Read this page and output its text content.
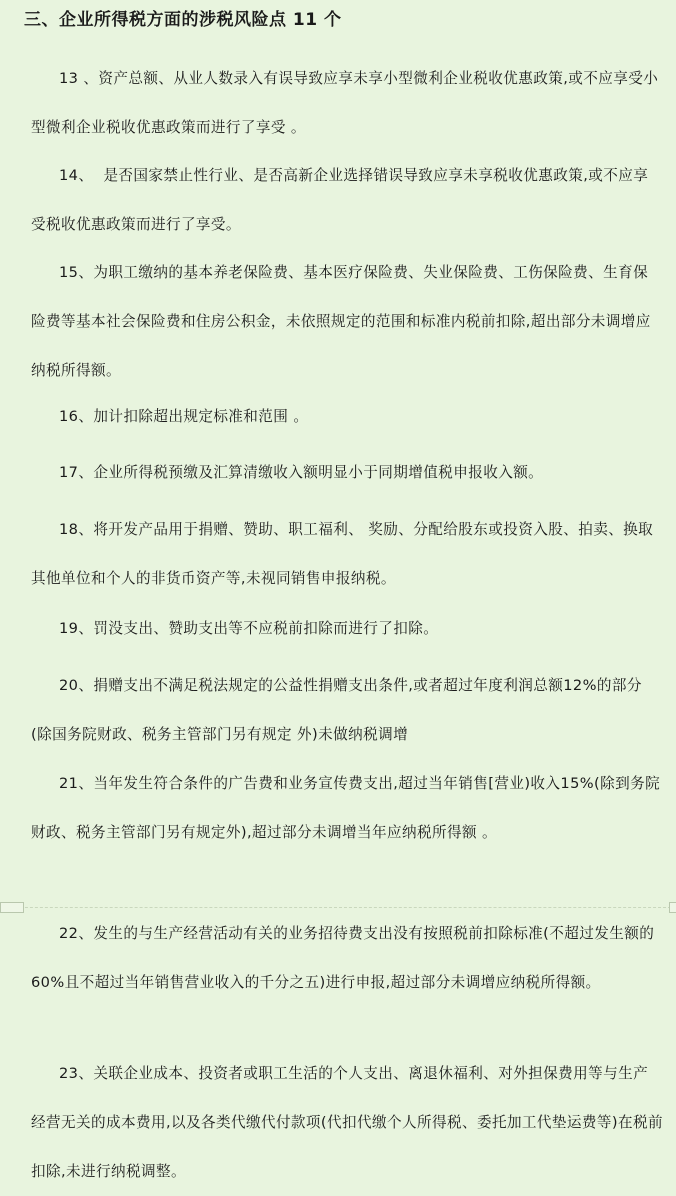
三、企业所得税方面的涉税风险点 11 个

13 、资产总额、从业人数录入有误导致应享未享小型微利企业税收优惠政策,或不应享受小型微利企业税收优惠政策而进行了享受 。

14、  是否国家禁止性行业、是否高新企业选择错误导致应享未享税收优惠政策,或不应享受税收优惠政策而进行了享受。

15、为职工缴纳的基本养老保险费、基本医疗保险费、失业保险费、工伤保险费、生育保险费等基本社会保险费和住房公积金，未依照规定的范围和标准内税前扣除,超出部分未调增应纳税所得额。

16、加计扣除超出规定标准和范围 。

17、企业所得税预缴及汇算清缴收入额明显小于同期增值税申报收入额。

18、将开发产品用于捐赠、赞助、职工福利、 奖励、分配给股东或投资入股、拍卖、换取其他单位和个人的非货币资产等,未视同销售申报纳税。

19、罚没支出、赞助支出等不应税前扣除而进行了扣除。

20、捐赠支出不满足税法规定的公益性捐赠支出条件,或者超过年度利润总额12%的部分 (除国务院财政、税务主管部门另有规定 外)未做纳税调增

21、当年发生符合条件的广告费和业务宣传费支出,超过当年销售[营业)收入15%(除到务院财政、税务主管部门另有规定外),超过部分未调增当年应纳税所得额 。

22、发生的与生产经营活动有关的业务招待费支出没有按照税前扣除标准(不超过发生额的 60%且不超过当年销售营业收入的千分之五)进行申报,超过部分未调增应纳税所得额。

23、关联企业成本、投资者或职工生活的个人支出、离退休福利、对外担保费用等与生产经营无关的成本费用,以及各类代缴代付款项(代扣代缴个人所得税、委托加工代垫运费等)在税前扣除,未进行纳税调整。
